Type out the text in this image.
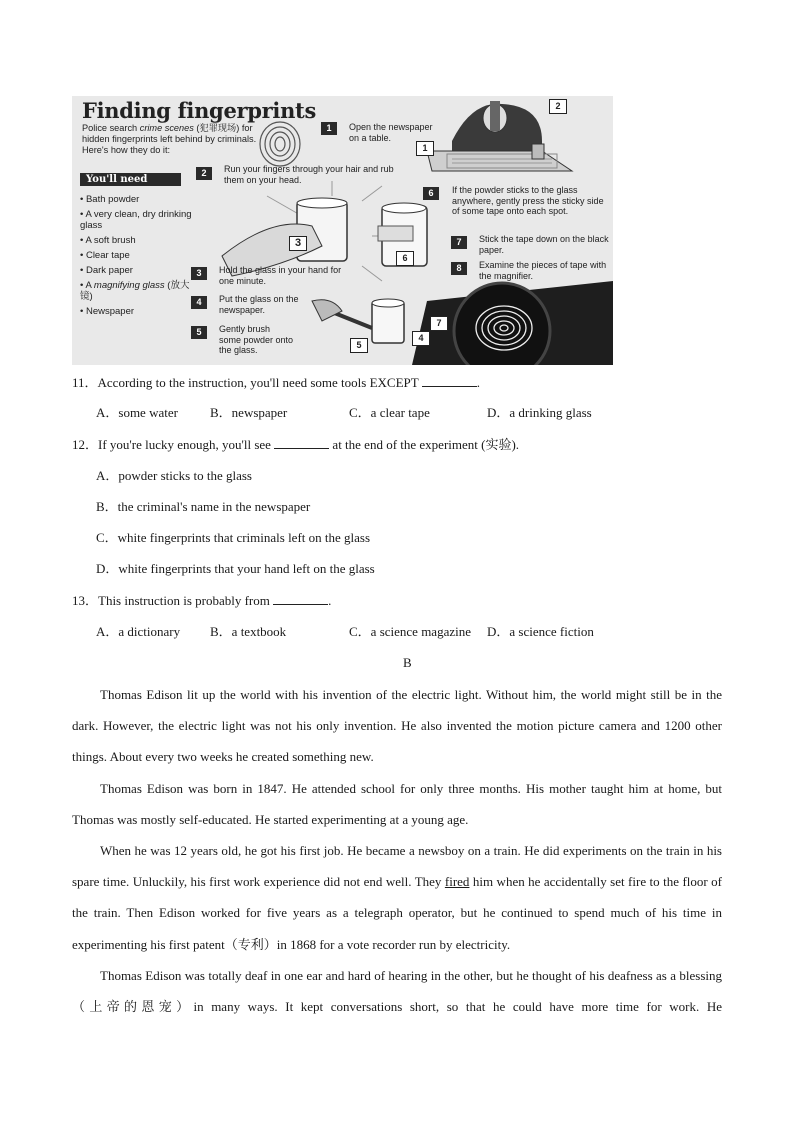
Finding fingerprints
Police search crime scenes (犯罪现场) for hidden fingerprints left behind by criminals. Here's how they do it:
You'll need
• Bath powder
• A very clean, dry drinking glass
• A soft brush
• Clear tape
• Dark paper
• A magnifying glass (放大镜)
• Newspaper
1	Open the newspaper on a table.
2	Run your fingers through your hair and rub them on your head.
3	Hold the glass in your hand for one minute.
4	Put the glass on the newspaper.
5	Gently brush some powder onto the glass.
6	If the powder sticks to the glass anywhere, gently press the sticky side of some tape onto each spot.
7	Stick the tape down on the black paper.
8	Examine the pieces of tape with the magnifier.
2
1
3
6
7
4
5
11．According to the instruction, you'll need some tools EXCEPT	.
A．some water B．newspaper	C．a clear tape	D．a drinking glass
12．If you're lucky enough, you'll see	at the end of the experiment (实验).
A．powder sticks to the glass
B．the criminal's name in the newspaper
C．white fingerprints that criminals left on the glass
D．white fingerprints that your hand left on the glass
13．This instruction is probably from	.
A．a dictionary B．a textbook	C．a science magazine D．a science fiction
B

Thomas Edison lit up the world with his invention of the electric light. Without him, the world might still be in the dark. However, the electric light was not his only invention. He also invented the motion picture camera and 1200 other things. About every two weeks he created something new.

Thomas Edison was born in 1847. He attended school for only three months. His mother taught him at home, but Thomas was mostly self-educated. He started experimenting at a young age.

When he was 12 years old, he got his first job. He became a newsboy on a train. He did experiments on the train in his spare time. Unluckily, his first work experience did not end well. They fired him when he accidentally set fire to the floor of the train. Then Edison worked for five years as a telegraph operator, but he continued to spend much of his time in experimenting his first patent（专利）in 1868 for a vote recorder run by electricity.

Thomas Edison was totally deaf in one ear and hard of hearing in the other, but he thought of his deafness as a blessing（上帝的恩宠）in many ways. It kept conversations short, so that he could have more time for work. He
